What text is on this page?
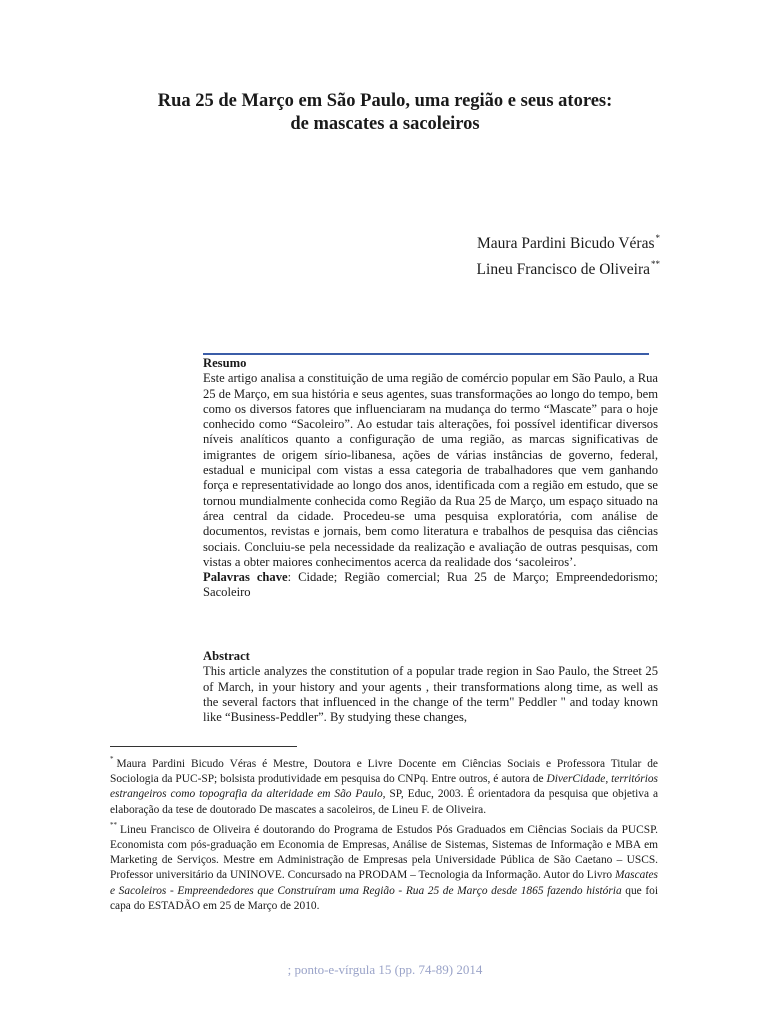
Rua 25 de Março em São Paulo, uma região e seus atores:
de mascates a sacoleiros
Maura Pardini Bicudo Véras*
Lineu Francisco de Oliveira**
Resumo

Este artigo analisa a constituição de uma região de comércio popular em São Paulo, a Rua 25 de Março, em sua história e seus agentes, suas transformações ao longo do tempo, bem como os diversos fatores que influenciaram na mudança do termo “Mascate” para o hoje conhecido como “Sacoleiro”. Ao estudar tais alterações, foi possível identificar diversos níveis analíticos quanto a configuração de uma região, as marcas significativas de imigrantes de origem sírio-libanesa, ações de várias instâncias de governo, federal, estadual e municipal com vistas a essa categoria de trabalhadores que vem ganhando força e representatividade ao longo dos anos, identificada com a região em estudo, que se tornou mundialmente conhecida como Região da Rua 25 de Março, um espaço situado na área central da cidade. Procedeu-se uma pesquisa exploratória, com análise de documentos, revistas e jornais, bem como literatura e trabalhos de pesquisa das ciências sociais. Concluiu-se pela necessidade da realização e avaliação de outras pesquisas, com vistas a obter maiores conhecimentos acerca da realidade dos ‘sacoleiros’.

Palavras chave: Cidade; Região comercial; Rua 25 de Março; Empreendedorismo; Sacoleiro

Abstract

This article analyzes the constitution of a popular trade region in Sao Paulo, the Street 25 of March, in your history and your agents , their transformations along time, as well as the several factors that influenced in the change of the term" Peddler " and today known like “Business-Peddler”. By studying these changes,

* Maura Pardini Bicudo Véras é Mestre, Doutora e Livre Docente em Ciências Sociais e Professora Titular de Sociologia da PUC-SP; bolsista produtividade em pesquisa do CNPq. Entre outros, é autora de DiverCidade, territórios estrangeiros como topografia da alteridade em São Paulo, SP, Educ, 2003. É orientadora da pesquisa que objetiva a elaboração da tese de doutorado De mascates a sacoleiros, de Lineu F. de Oliveira.

** Lineu Francisco de Oliveira é doutorando do Programa de Estudos Pós Graduados em Ciências Sociais da PUCSP. Economista com pós-graduação em Economia de Empresas, Análise de Sistemas, Sistemas de Informação e MBA em Marketing de Serviços. Mestre em Administração de Empresas pela Universidade Pública de São Caetano – USCS. Professor universitário da UNINOVE. Concursado na PRODAM – Tecnologia da Informação. Autor do Livro Mascates e Sacoleiros - Empreendedores que Construíram uma Região - Rua 25 de Março desde 1865 fazendo história que foi capa do ESTADÃO em 25 de Março de 2010.

; ponto-e-vírgula 15 (pp. 74-89) 2014
